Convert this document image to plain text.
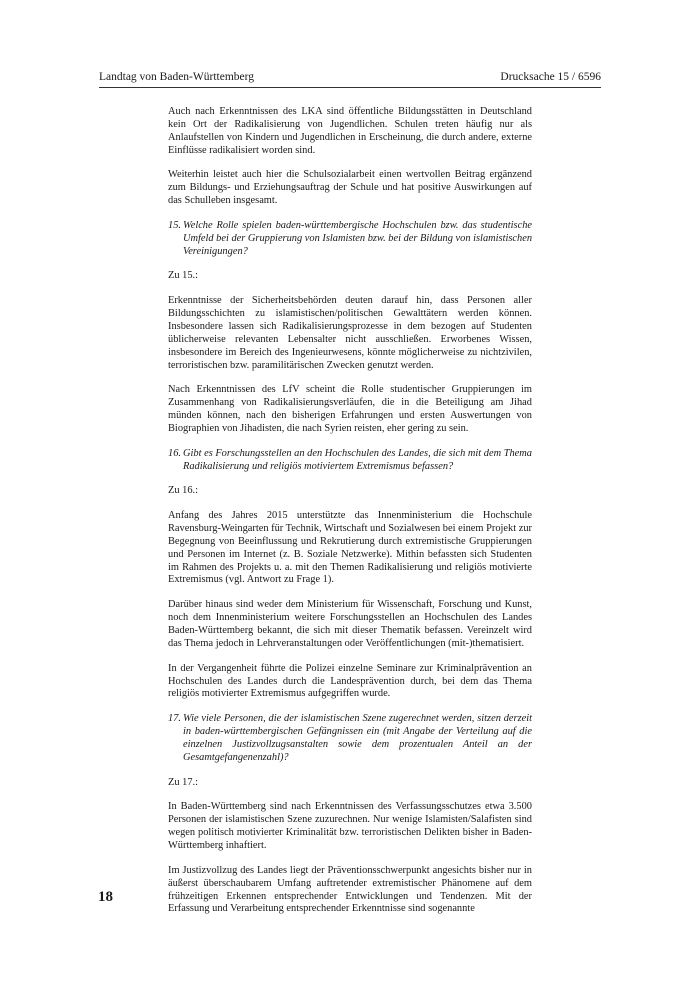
Landtag von Baden-Württemberg	Drucksache 15 / 6596

Auch nach Erkenntnissen des LKA sind öffentliche Bildungsstätten in Deutschland kein Ort der Radikalisierung von Jugendlichen. Schulen treten häufig nur als Anlaufstellen von Kindern und Jugendlichen in Erscheinung, die durch andere, externe Einflüsse radikalisiert worden sind.

Weiterhin leistet auch hier die Schulsozialarbeit einen wertvollen Beitrag ergänzend zum Bildungs- und Erziehungsauftrag der Schule und hat positive Auswirkungen auf das Schulleben insgesamt.

15. Welche Rolle spielen baden-württembergische Hochschulen bzw. das studentische Umfeld bei der Gruppierung von Islamisten bzw. bei der Bildung von islamistischen Vereinigungen?

Zu 15.:

Erkenntnisse der Sicherheitsbehörden deuten darauf hin, dass Personen aller Bildungsschichten zu islamistischen/politischen Gewalttätern werden können. Insbesondere lassen sich Radikalisierungsprozesse in dem bezogen auf Studenten üblicherweise relevanten Lebensalter nicht ausschließen. Erworbenes Wissen, insbesondere im Bereich des Ingenieurwesens, könnte möglicherweise zu nichtzivilen, terroristischen bzw. paramilitärischen Zwecken genutzt werden.

Nach Erkenntnissen des LfV scheint die Rolle studentischer Gruppierungen im Zusammenhang von Radikalisierungsverläufen, die in die Beteiligung am Jihad münden können, nach den bisherigen Erfahrungen und ersten Auswertungen von Biographien von Jihadisten, die nach Syrien reisten, eher gering zu sein.

16. Gibt es Forschungsstellen an den Hochschulen des Landes, die sich mit dem Thema Radikalisierung und religiös motiviertem Extremismus befassen?

Zu 16.:

Anfang des Jahres 2015 unterstützte das Innenministerium die Hochschule Ravensburg-Weingarten für Technik, Wirtschaft und Sozialwesen bei einem Projekt zur Begegnung von Beeinflussung und Rekrutierung durch extremistische Gruppierungen und Personen im Internet (z. B. Soziale Netzwerke). Mithin befassten sich Studenten im Rahmen des Projekts u. a. mit den Themen Radikalisierung und religiös motivierte Extremismus (vgl. Antwort zu Frage 1).

Darüber hinaus sind weder dem Ministerium für Wissenschaft, Forschung und Kunst, noch dem Innenministerium weitere Forschungsstellen an Hochschulen des Landes Baden-Württemberg bekannt, die sich mit dieser Thematik befassen. Vereinzelt wird das Thema jedoch in Lehrveranstaltungen oder Veröffentlichungen (mit-)thematisiert.

In der Vergangenheit führte die Polizei einzelne Seminare zur Kriminalprävention an Hochschulen des Landes durch die Landesprävention durch, bei dem das Thema religiös motivierter Extremismus aufgegriffen wurde.

17. Wie viele Personen, die der islamistischen Szene zugerechnet werden, sitzen derzeit in baden-württembergischen Gefängnissen ein (mit Angabe der Verteilung auf die einzelnen Justizvollzugsanstalten sowie dem prozentualen Anteil an der Gesamtgefangenenzahl)?

Zu 17.:

In Baden-Württemberg sind nach Erkenntnissen des Verfassungsschutzes etwa 3.500 Personen der islamistischen Szene zuzurechnen. Nur wenige Islamisten/Salafisten sind wegen politisch motivierter Kriminalität bzw. terroristischen Delikten bisher in Baden-Württemberg inhaftiert.

Im Justizvollzug des Landes liegt der Präventionsschwerpunkt angesichts bisher nur in äußerst überschaubarem Umfang auftretender extremistischer Phänomene auf dem frühzeitigen Erkennen entsprechender Entwicklungen und Tendenzen. Mit der Erfassung und Verarbeitung entsprechender Erkenntnisse sind sogenannte

18
